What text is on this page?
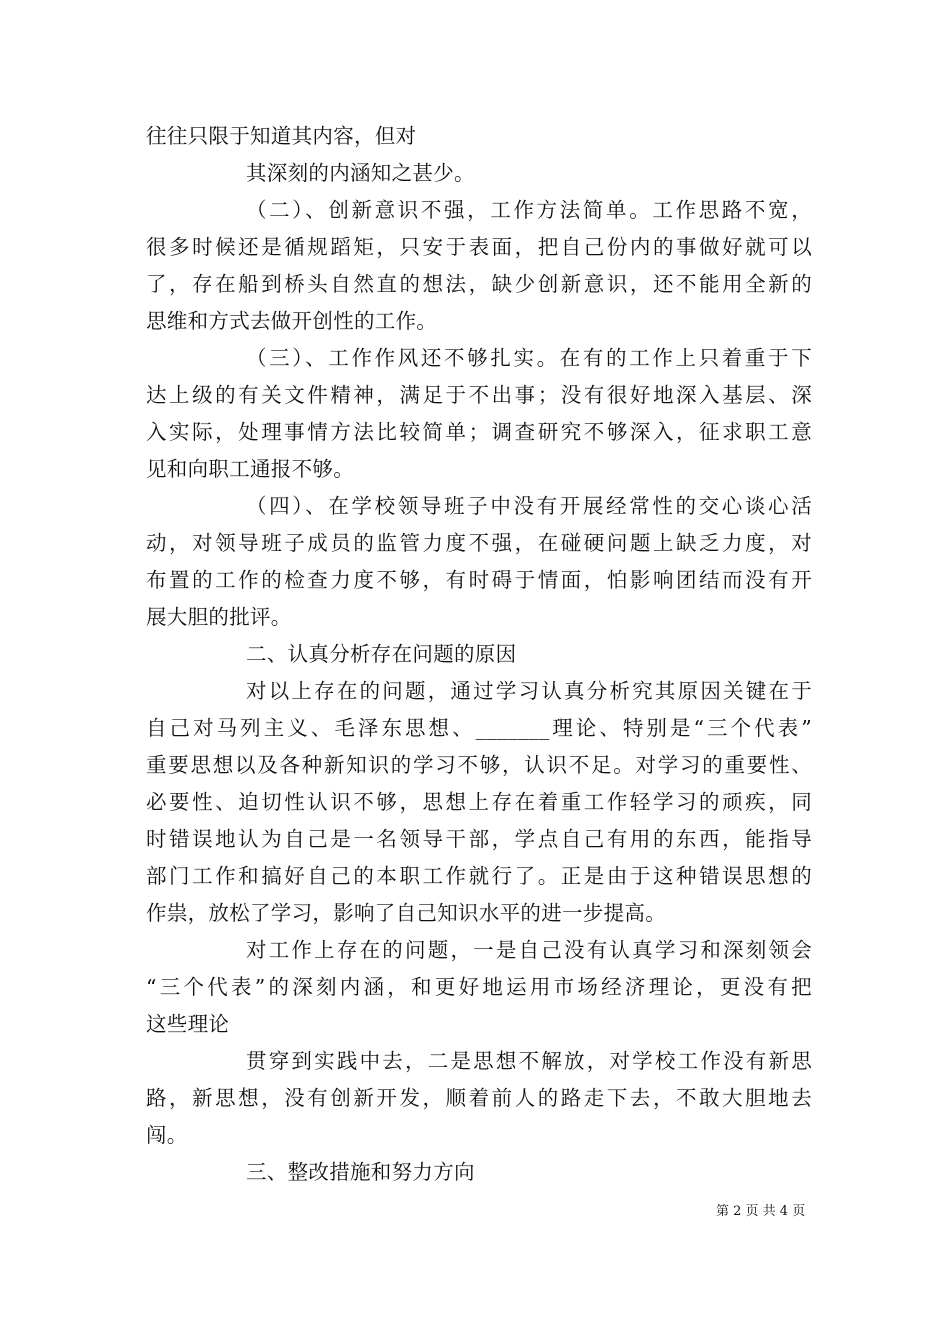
往往只限于知道其内容，但对
其深刻的内涵知之甚少。
（二）、创新意识不强，工作方法简单。工作思路不宽，
很多时候还是循规蹈矩，只安于表面，把自己份内的事做好就可以
了，存在船到桥头自然直的想法，缺少创新意识，还不能用全新的
思维和方式去做开创性的工作。
（三）、工作作风还不够扎实。在有的工作上只着重于下
达上级的有关文件精神，满足于不出事；没有很好地深入基层、深
入实际，处理事情方法比较简单；调查研究不够深入，征求职工意
见和向职工通报不够。
（四）、在学校领导班子中没有开展经常性的交心谈心活
动，对领导班子成员的监管力度不强，在碰硬问题上缺乏力度，对
布置的工作的检查力度不够，有时碍于情面，怕影响团结而没有开
展大胆的批评。
二、认真分析存在问题的原因
对以上存在的问题，通过学习认真分析究其原因关键在于
自己对马列主义、毛泽东思想、_______理论、特别是“三个代表”
重要思想以及各种新知识的学习不够，认识不足。对学习的重要性、
必要性、迫切性认识不够，思想上存在着重工作轻学习的顽疾，同
时错误地认为自己是一名领导干部，学点自己有用的东西，能指导
部门工作和搞好自己的本职工作就行了。正是由于这种错误思想的
作祟，放松了学习，影响了自己知识水平的进一步提高。
对工作上存在的问题，一是自己没有认真学习和深刻领会
“三个代表”的深刻内涵，和更好地运用市场经济理论，更没有把
这些理论
贯穿到实践中去，二是思想不解放，对学校工作没有新思
路，新思想，没有创新开发，顺着前人的路走下去，不敢大胆地去
闯。
三、整改措施和努力方向
第 2 页 共 4 页
